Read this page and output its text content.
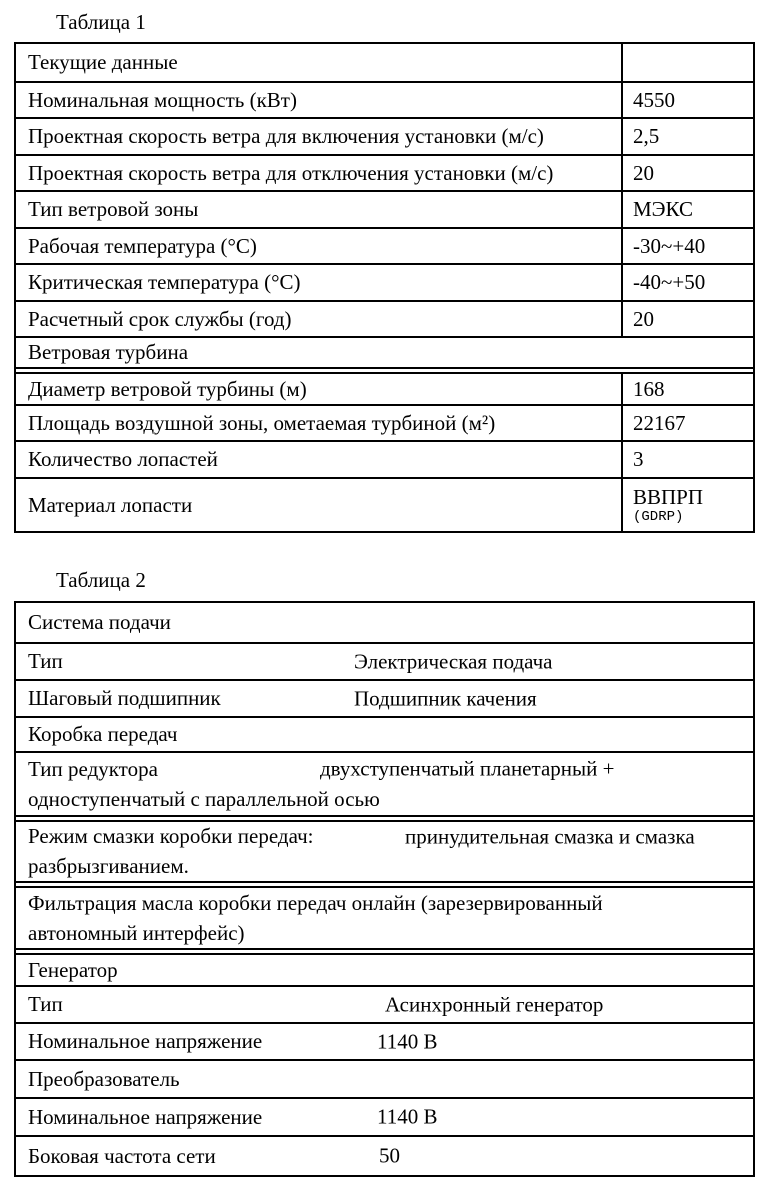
Таблица 1
Текущие данные
Номинальная мощность (кВт)	4550
Проектная скорость ветра для включения установки (м/с)	2,5
Проектная скорость ветра для отключения установки (м/с)	20
Тип ветровой зоны	МЭКС
Рабочая температура (°С)	-30~+40
Критическая температура (°С)	-40~+50
Расчетный срок службы (год)	20
Ветровая турбина
Диаметр ветровой турбины (м)	168
Площадь воздушной зоны, ометаемая турбиной (м²)	22167
Количество лопастей	3
Материал лопасти	ВВПРП
(GDRP)
Таблица 2
Система подачи
Тип	Электрическая подача
Шаговый подшипник	Подшипник качения
Коробка передач
Тип редуктора	двухступенчатый планетарный +
одноступенчатый с параллельной осью
Режим смазки коробки передач:	принудительная смазка и смазка
разбрызгиванием.
Фильтрация масла коробки передач онлайн (зарезервированный
автономный интерфейс)
Генератор
Тип	Асинхронный генератор
Номинальное напряжение	1140 В
Преобразователь
Номинальное напряжение	1140 В
Боковая частота сети	50
